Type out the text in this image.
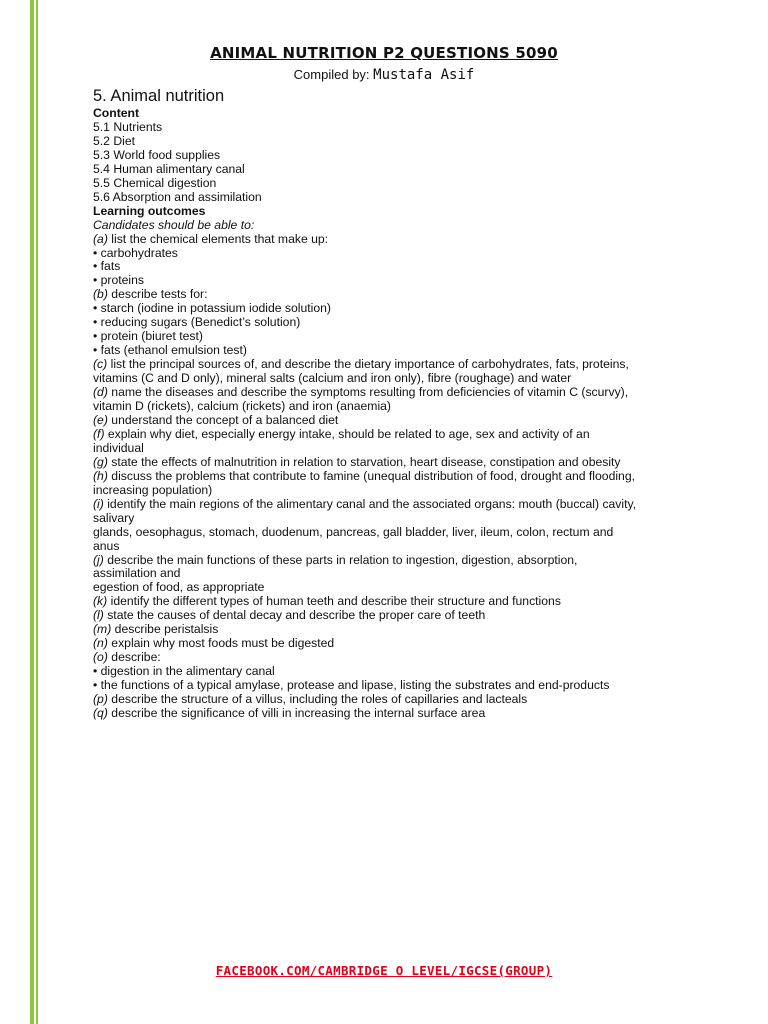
ANIMAL NUTRITION P2 QUESTIONS 5090
Compiled by: Mustafa Asif
5. Animal nutrition
Content
5.1 Nutrients
5.2 Diet
5.3 World food supplies
5.4 Human alimentary canal
5.5 Chemical digestion
5.6 Absorption and assimilation
Learning outcomes
Candidates should be able to:
(a) list the chemical elements that make up:
• carbohydrates
• fats
• proteins
(b) describe tests for:
• starch (iodine in potassium iodide solution)
• reducing sugars (Benedict’s solution)
• protein (biuret test)
• fats (ethanol emulsion test)
(c) list the principal sources of, and describe the dietary importance of carbohydrates, fats, proteins,
vitamins (C and D only), mineral salts (calcium and iron only), fibre (roughage) and water
(d) name the diseases and describe the symptoms resulting from deficiencies of vitamin C (scurvy),
vitamin D (rickets), calcium (rickets) and iron (anaemia)
(e) understand the concept of a balanced diet
(f) explain why diet, especially energy intake, should be related to age, sex and activity of an
individual
(g) state the effects of malnutrition in relation to starvation, heart disease, constipation and obesity
(h) discuss the problems that contribute to famine (unequal distribution of food, drought and flooding,
increasing population)
(i) identify the main regions of the alimentary canal and the associated organs: mouth (buccal) cavity,
salivary
glands, oesophagus, stomach, duodenum, pancreas, gall bladder, liver, ileum, colon, rectum and
anus
(j) describe the main functions of these parts in relation to ingestion, digestion, absorption,
assimilation and
egestion of food, as appropriate
(k) identify the different types of human teeth and describe their structure and functions
(l) state the causes of dental decay and describe the proper care of teeth
(m) describe peristalsis
(n) explain why most foods must be digested
(o) describe:
• digestion in the alimentary canal
• the functions of a typical amylase, protease and lipase, listing the substrates and end-products
(p) describe the structure of a villus, including the roles of capillaries and lacteals
(q) describe the significance of villi in increasing the internal surface area
FACEBOOK.COM/CAMBRIDGE O LEVEL/IGCSE(GROUP)
